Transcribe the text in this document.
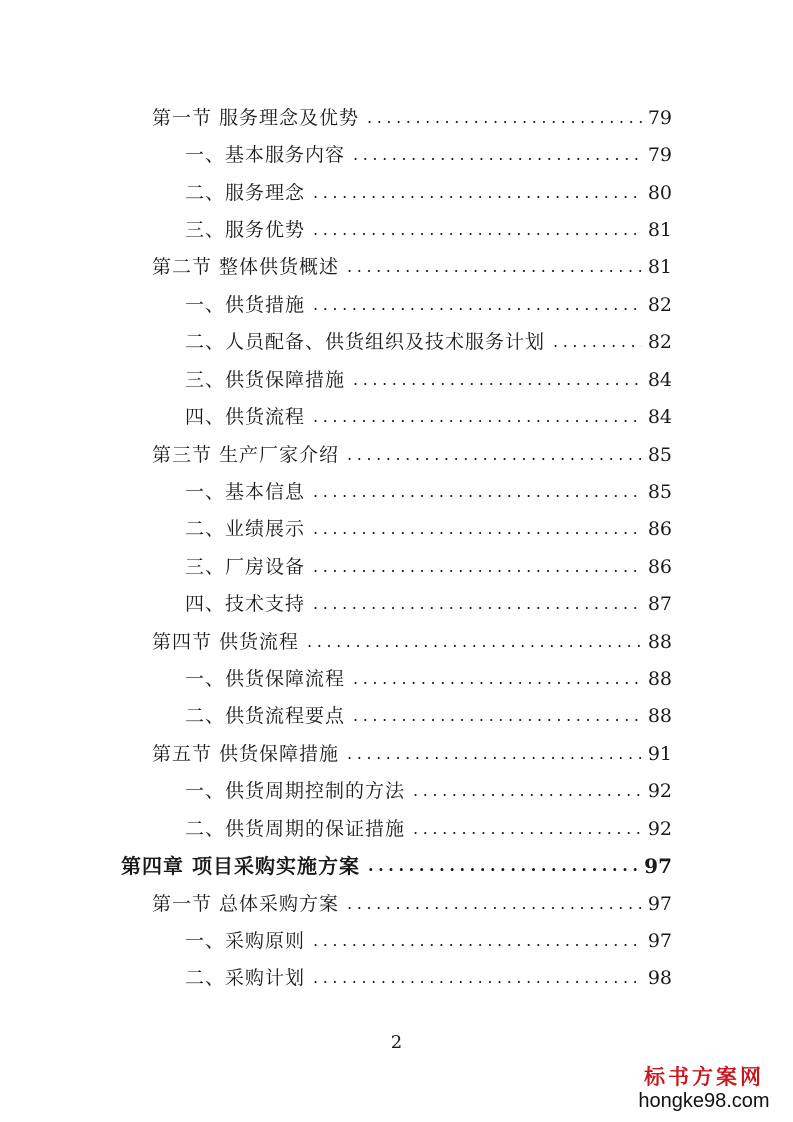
第一节 服务理念及优势 .....	79
一、基本服务内容 .....	79
二、服务理念 .....	80
三、服务优势 .....	81
第二节 整体供货概述 .....	81
一、供货措施 .....	82
二、人员配备、供货组织及技术服务计划 .....	82
三、供货保障措施 .....	84
四、供货流程 .....	84
第三节 生产厂家介绍 .....	85
一、基本信息 .....	85
二、业绩展示 .....	86
三、厂房设备 .....	86
四、技术支持 .....	87
第四节 供货流程 .....	88
一、供货保障流程 .....	88
二、供货流程要点 .....	88
第五节 供货保障措施 .....	91
一、供货周期控制的方法 .....	92
二、供货周期的保证措施 .....	92
第四章 项目采购实施方案 .....	97
第一节 总体采购方案 .....	97
一、采购原则 .....	97
二、采购计划 .....	98
2
标书方案网
hongke98.com
